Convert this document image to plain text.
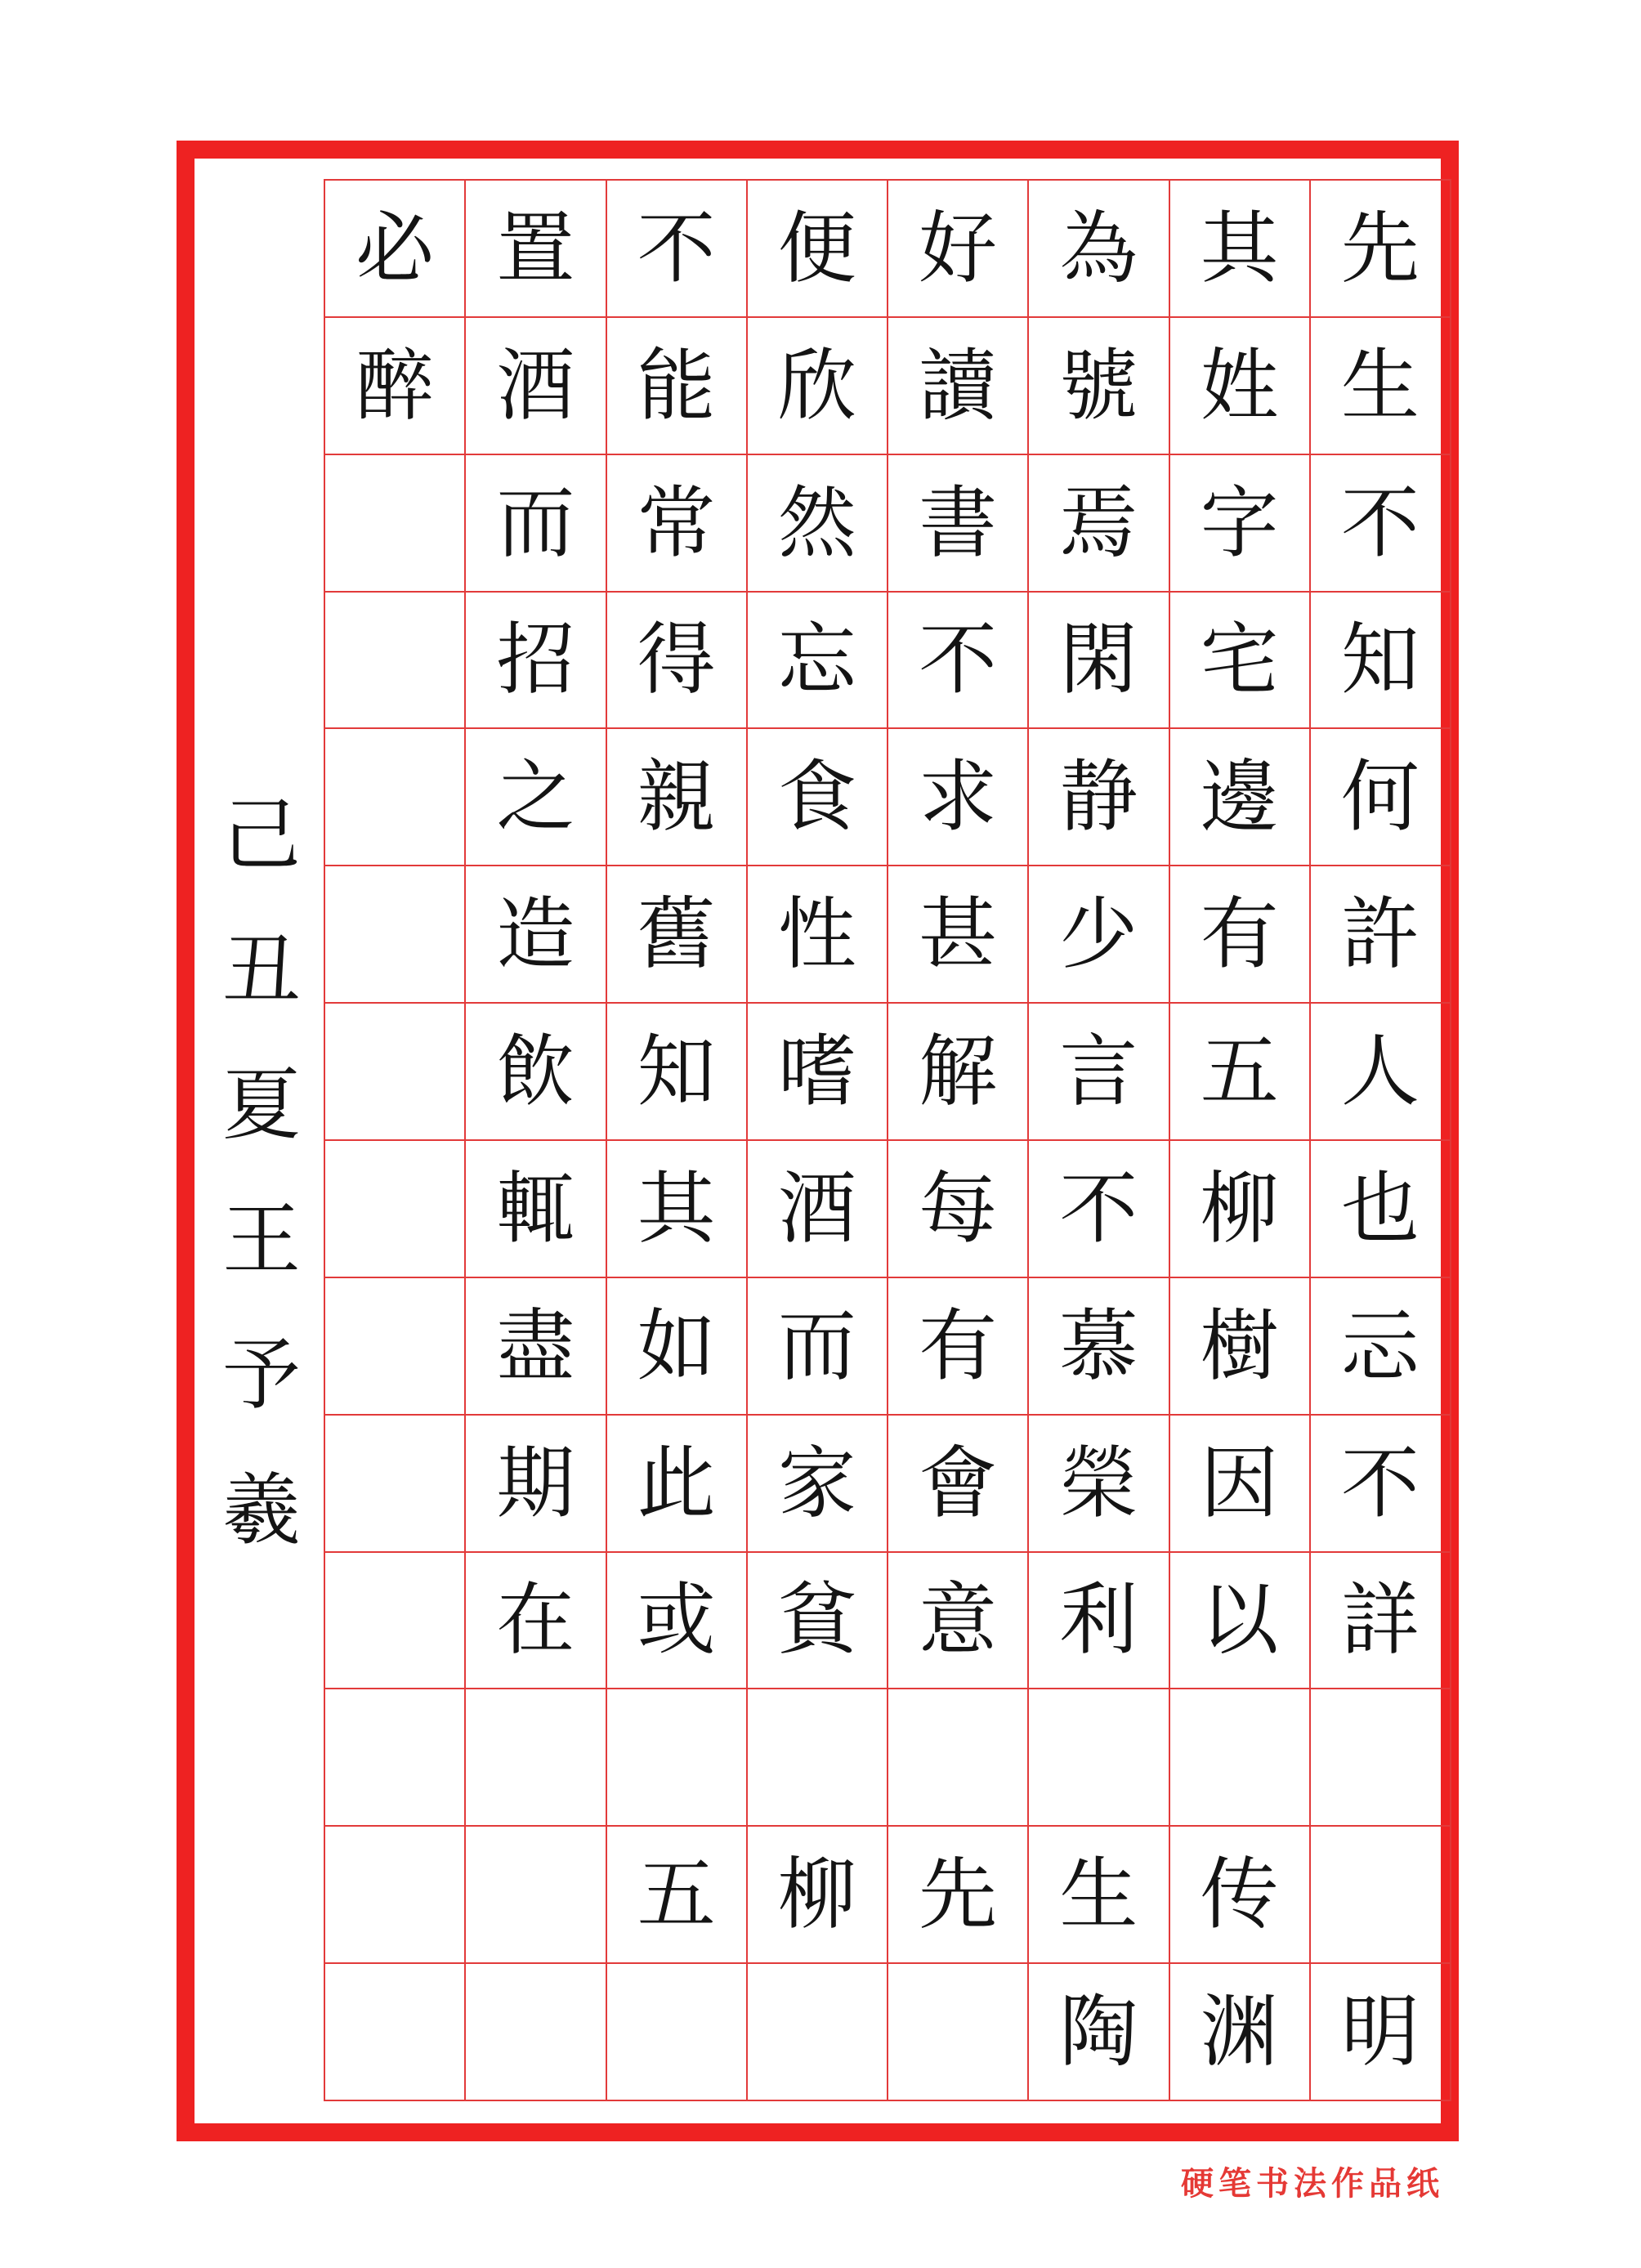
必 置 不 便 好 為 其 先
醉 酒 能 欣 讀 號 姓 生
而 常 然 書 焉 字 不
招 得 忘 不 閑 宅 知
之 親 食 求 静 邊 何
造 舊 性 甚 少 有 許
飲 知 嗜 解 言 五 人
輒 其 酒 每 不 柳 也
盡 如 而 有 慕 樹 忈
期 此 家 會 榮 因 不
在 或 貧 意 利 以 詳
五 柳 先 生 传
陶 渊 明
己
丑
夏
王
予
羲
硬笔书法作品纸
